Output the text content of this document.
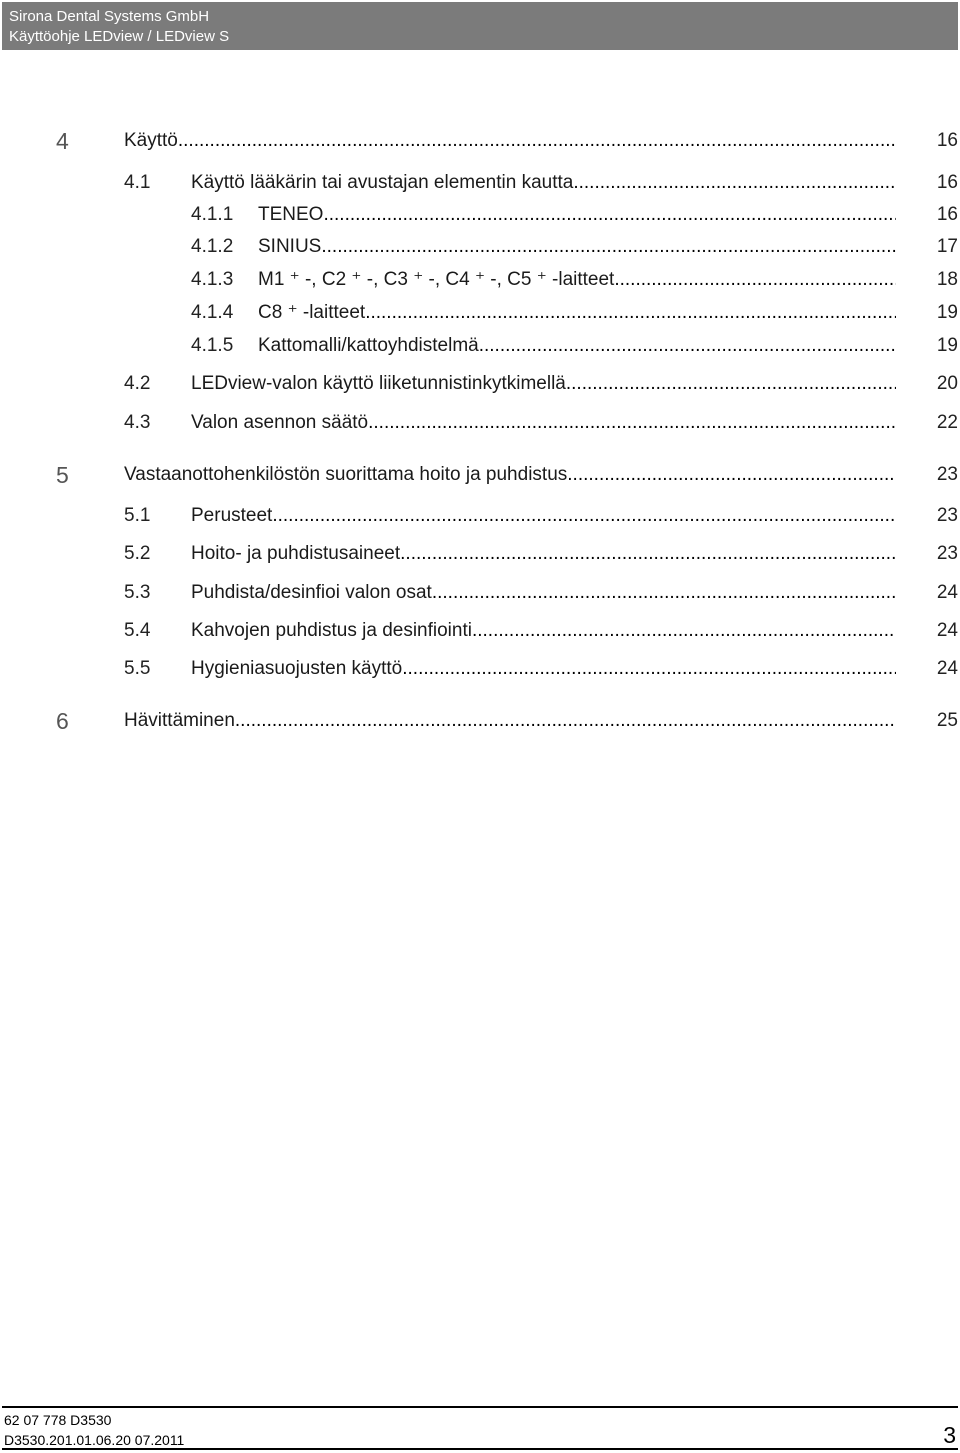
Sirona Dental Systems GmbH
Käyttöohje LEDview / LEDview S
4	Käyttö .....	16
4.1 Käyttö lääkärin tai avustajan elementin kautta .....	16
4.1.1 TENEO .....	16
4.1.2 SINIUS .....	17
4.1.3 M1 ⁺ -, C2 ⁺ -, C3 ⁺ -, C4 ⁺ -, C5 ⁺ -laitteet .....	18
4.1.4 C8 ⁺ -laitteet .....	19
4.1.5 Kattomalli/kattoyhdistelmä .....	19
4.2 LEDview-valon käyttö liiketunnistinkytkimellä .....	20
4.3 Valon asennon säätö .....	22
5	Vastaanottohenkilöstön suorittama hoito ja puhdistus .....	23
5.1 Perusteet .....	23
5.2 Hoito- ja puhdistusaineet .....	23
5.3 Puhdista/desinfioi valon osat .....	24
5.4 Kahvojen puhdistus ja desinfiointi .....	24
5.5 Hygieniasuojusten käyttö .....	24
6	Hävittäminen .....	25
62 07 778 D3530
D3530.201.01.06.20 07.2011	3
